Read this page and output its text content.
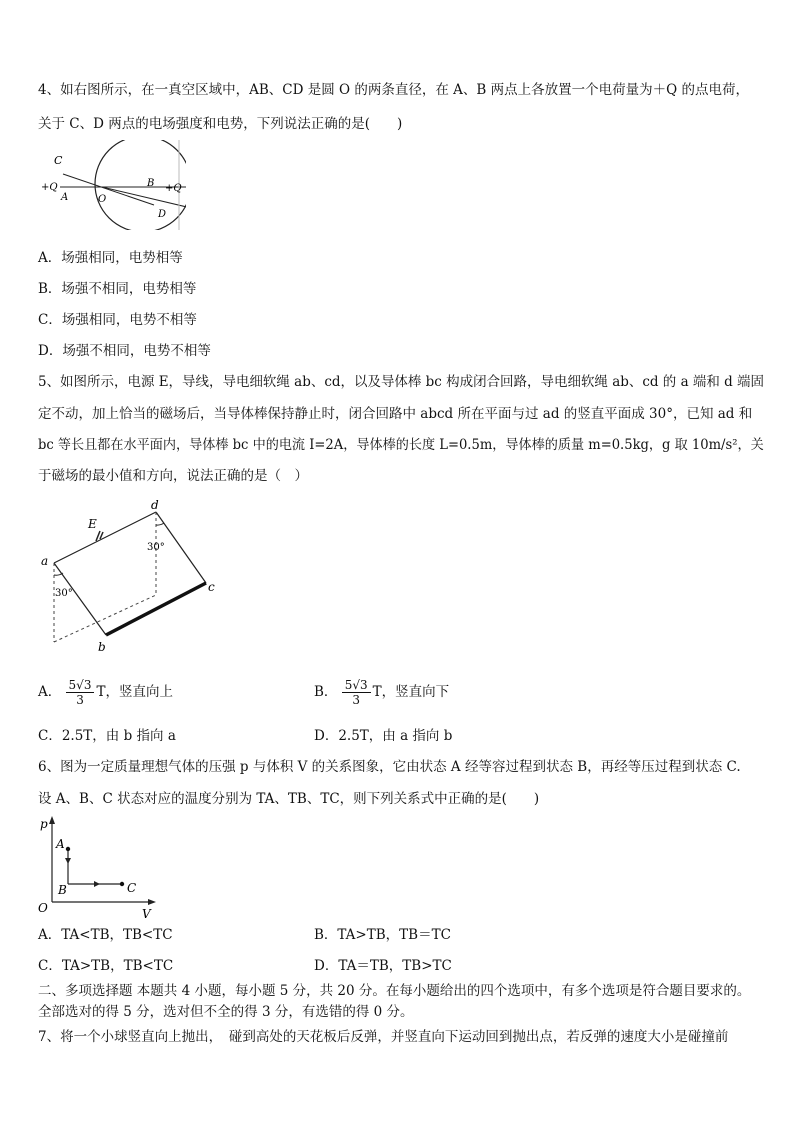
4、如右图所示，在一真空区域中，AB、CD 是圆 O 的两条直径，在 A、B 两点上各放置一个电荷量为＋Q 的点电荷，
关于 C、D 两点的电场强度和电势，下列说法正确的是(　　)
C
+Q
A	O
B +Q
D
A．场强相同，电势相等
B．场强不相同，电势相等
C．场强相同，电势不相等
D．场强不相同，电势不相等
5、如图所示，电源 E，导线，导电细软绳 ab、cd，以及导体棒 bc 构成闭合回路，导电细软绳 ab、cd 的 a 端和 d 端固
定不动，加上恰当的磁场后，当导体棒保持静止时，闭合回路中 abcd 所在平面与过 ad 的竖直平面成 30°，已知 ad 和
bc 等长且都在水平面内，导体棒 bc 中的电流 I=2A，导体棒的长度 L=0.5m，导体棒的质量 m=0.5kg，g 取 10m/s²，关
于磁场的最小值和方向，说法正确的是（　）
E
a
d
c
b
30°
30°
A． $\frac{5√3}{3}$ T，竖直向上	B． $\frac{5√3}{3}$ T，竖直向下
C．2.5T，由 b 指向 a	D．2.5T，由 a 指向 b
6、图为一定质量理想气体的压强 p 与体积 V 的关系图象，它由状态 A 经等容过程到状态 B，再经等压过程到状态 C.
设 A、B、C 状态对应的温度分别为 TA、TB、TC，则下列关系式中正确的是(　　)
p
A
B	C
O	V
A．TA<TB，TB<TC	B．TA>TB，TB＝TC
C．TA>TB，TB<TC	D．TA＝TB，TB>TC
二、多项选择题 本题共 4 小题，每小题 5 分，共 20 分。在每小题给出的四个选项中，有多个选项是符合题目要求的。
全部选对的得 5 分，选对但不全的得 3 分，有选错的得 0 分。
7、将一个小球竖直向上抛出，　碰到高处的天花板后反弹，并竖直向下运动回到抛出点，若反弹的速度大小是碰撞前
